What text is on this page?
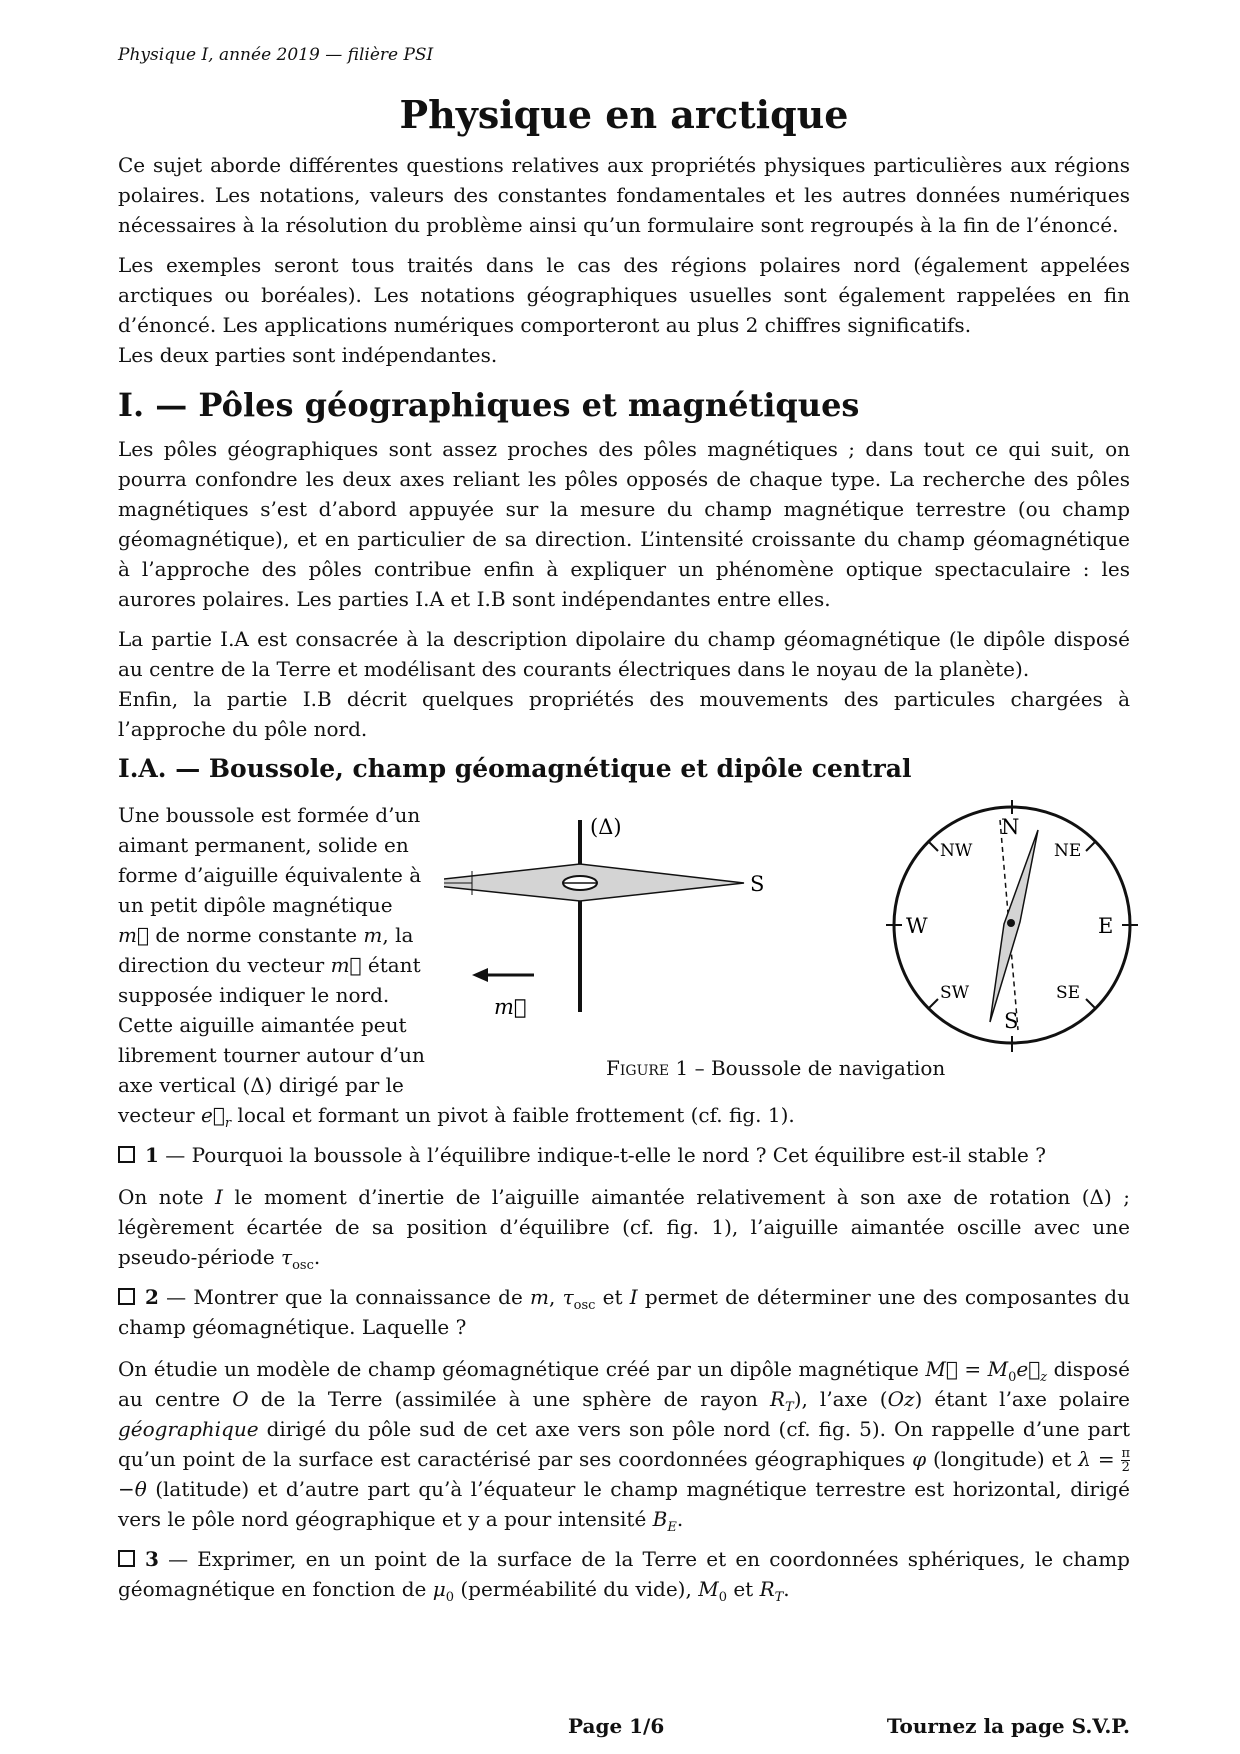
Physique I, année 2019 — filière PSI

Physique en arctique

Ce sujet aborde différentes questions relatives aux propriétés physiques particulières aux régions polaires. Les notations, valeurs des constantes fondamentales et les autres données numériques nécessaires à la résolution du problème ainsi qu’un formulaire sont regroupés à la fin de l’énoncé.

Les exemples seront tous traités dans le cas des régions polaires nord (également appelées arctiques ou boréales). Les notations géographiques usuelles sont également rappelées en fin d’énoncé. Les applications numériques comporteront au plus 2 chiffres significatifs.

Les deux parties sont indépendantes.

I. — Pôles géographiques et magnétiques

Les pôles géographiques sont assez proches des pôles magnétiques ; dans tout ce qui suit, on pourra confondre les deux axes reliant les pôles opposés de chaque type. La recherche des pôles magnétiques s’est d’abord appuyée sur la mesure du champ magnétique terrestre (ou champ géomagnétique), et en particulier de sa direction. L’intensité croissante du champ géomagnétique à l’approche des pôles contribue enfin à expliquer un phénomène optique spectaculaire : les aurores polaires. Les parties I.A et I.B sont indépendantes entre elles.

La partie I.A est consacrée à la description dipolaire du champ géomagnétique (le dipôle disposé au centre de la Terre et modélisant des courants électriques dans le noyau de la planète).

Enfin, la partie I.B décrit quelques propriétés des mouvements des particules chargées à l’approche du pôle nord.

I.A. — Boussole, champ géomagnétique et dipôle central

Une boussole est formée d’un aimant permanent, solide en forme d’aiguille équivalente à un petit dipôle magnétique m⃗ de norme constante m, la direction du vecteur m⃗ étant supposée indiquer le nord. Cette aiguille aimantée peut librement tourner autour d’un axe vertical (Δ) dirigé par le

(Δ)
S
m⃗
N
S
W	E
NW	NE
SW	SE
Figure 1 – Boussole de navigation

vecteur $e⃗_r$ local et formant un pivot à faible frottement (cf. fig. 1).

1 — Pourquoi la boussole à l’équilibre indique-t-elle le nord ? Cet équilibre est-il stable ?

On note I le moment d’inertie de l’aiguille aimantée relativement à son axe de rotation (Δ) ; légèrement écartée de sa position d’équilibre (cf. fig. 1), l’aiguille aimantée oscille avec une pseudo-période $\tau_{osc}$.

2 — Montrer que la connaissance de m, $\tau_{osc}$ et I permet de déterminer une des composantes du champ géomagnétique. Laquelle ?

On étudie un modèle de champ géomagnétique créé par un dipôle magnétique M⃗ = $M_0e⃗_z$ disposé au centre O de la Terre (assimilée à une sphère de rayon $R_T$), l’axe (Oz) étant l’axe polaire géographique dirigé du pôle sud de cet axe vers son pôle nord (cf. fig. 5). On rappelle d’une part qu’un point de la surface est caractérisé par ses coordonnées géographiques φ (longitude) et $\lambda = \frac{\pi}{2}$
−θ (latitude) et d’autre part qu’à l’équateur le champ magnétique terrestre est horizontal, dirigé vers le pôle nord géographique et y a pour intensité $B_E$.

3 — Exprimer, en un point de la surface de la Terre et en coordonnées sphériques, le champ géomagnétique en fonction de $\mu_0$ (perméabilité du vide), $M_0$ et $R_T$.

Page 1/6	Tournez la page S.V.P.
